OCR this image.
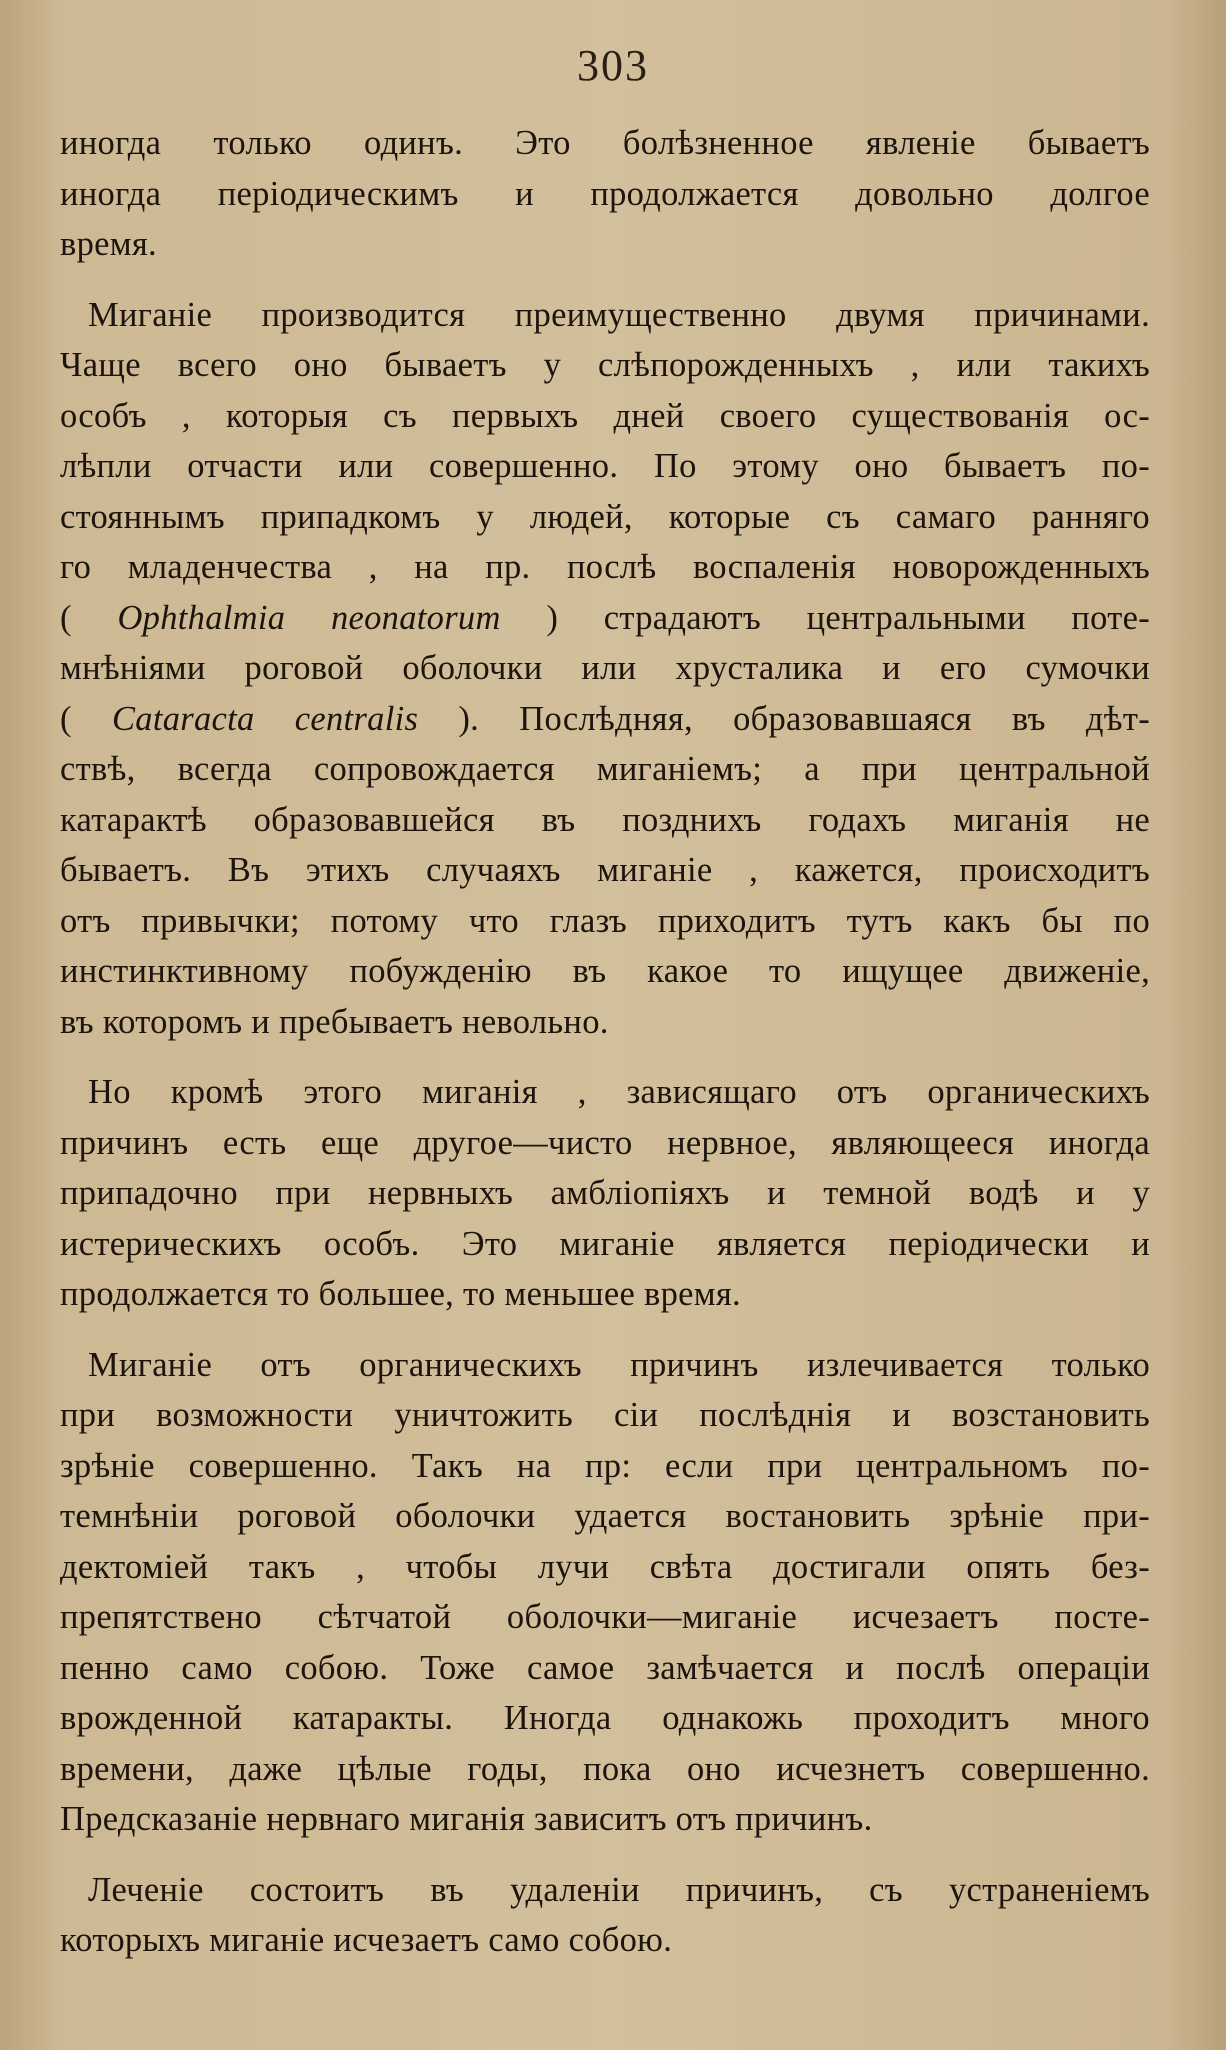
303
иногда только одинъ. Это болѣзненное явленіе бываетъ
иногда періодическимъ и продолжается довольно долгое
время.
Миганіе производится преимущественно двумя причинами.
Чаще всего оно бываетъ у слѣпорожденныхъ , или такихъ
особъ , которыя съ первыхъ дней своего существованія ос-
лѣпли отчасти или совершенно. По этому оно бываетъ по-
стояннымъ припадкомъ у людей, которые съ самаго ранняго
го младенчества , на пр. послѣ воспаленія новорожденныхъ
( Ophthalmia neonatorum ) страдаютъ центральными поте-
мнѣніями роговой оболочки или хрусталика и его сумочки
( Cataracta centralis ). Послѣдняя, образовавшаяся въ дѣт-
ствѣ, всегда сопровождается миганіемъ; а при центральной
катарактѣ образовавшейся въ позднихъ годахъ миганія не
бываетъ. Въ этихъ случаяхъ миганіе , кажется, происходитъ
отъ привычки; потому что глазъ приходитъ тутъ какъ бы по
инстинктивному побужденію въ какое то ищущее движеніе,
въ которомъ и пребываетъ невольно.
Но кромѣ этого миганія , зависящаго отъ органическихъ
причинъ есть еще другое—чисто нервное, являющееся иногда
припадочно при нервныхъ амбліопіяхъ и темной водѣ и у
истерическихъ особъ. Это миганіе является періодически и
продолжается то большее, то меньшее время.
Миганіе отъ органическихъ причинъ излечивается только
при возможности уничтожить сіи послѣднія и возстановить
зрѣніе совершенно. Такъ на пр: если при центральномъ по-
темнѣніи роговой оболочки удается востановить зрѣніе при-
дектоміей такъ , чтобы лучи свѣта достигали опять без-
препятствено сѣтчатой оболочки—миганіе исчезаетъ посте-
пенно само собою. Тоже самое замѣчается и послѣ операціи
врожденной катаракты. Иногда однакожь проходитъ много
времени, даже цѣлые годы, пока оно исчезнетъ совершенно.
Предсказаніе нервнаго миганія зависитъ отъ причинъ.
Леченіе состоитъ въ удаленіи причинъ, съ устраненіемъ
которыхъ миганіе исчезаетъ само собою.
